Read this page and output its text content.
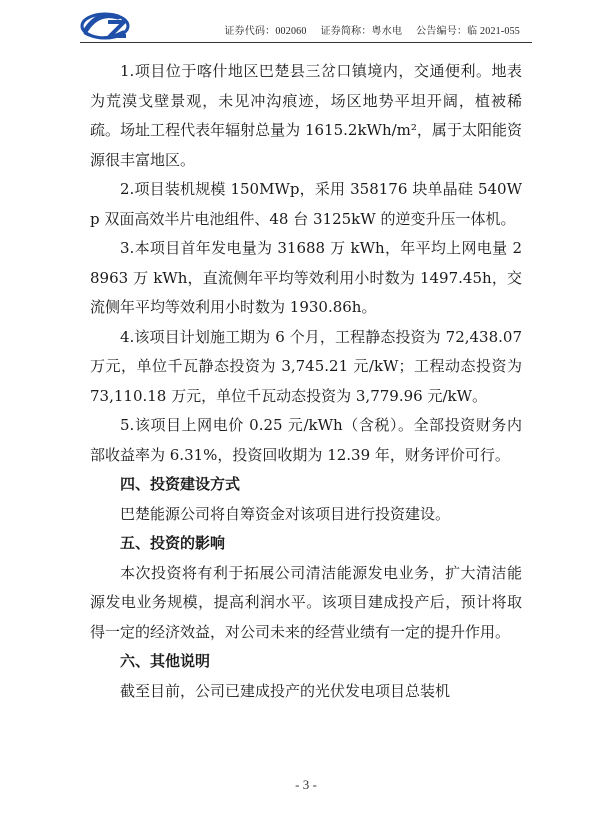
证券代码：002060 证券简称：粤水电 公告编号：临 2021-055

1.项目位于喀什地区巴楚县三岔口镇境内，交通便利。地表为荒漠戈壁景观，未见冲沟痕迹，场区地势平坦开阔，植被稀疏。场址工程代表年辐射总量为 1615.2kWh/m²，属于太阳能资源很丰富地区。

2.项目装机规模 150MWp，采用 358176 块单晶硅 540Wp 双面高效半片电池组件、48 台 3125kW 的逆变升压一体机。

3.本项目首年发电量为 31688 万 kWh，年平均上网电量 28963 万 kWh，直流侧年平均等效利用小时数为 1497.45h，交流侧年平均等效利用小时数为 1930.86h。

4.该项目计划施工期为 6 个月，工程静态投资为 72,438.07 万元，单位千瓦静态投资为 3,745.21 元/kW；工程动态投资为 73,110.18 万元，单位千瓦动态投资为 3,779.96 元/kW。

5.该项目上网电价 0.25 元/kWh（含税）。全部投资财务内部收益率为 6.31%，投资回收期为 12.39 年，财务评价可行。

四、投资建设方式

巴楚能源公司将自筹资金对该项目进行投资建设。

五、投资的影响

本次投资将有利于拓展公司清洁能源发电业务，扩大清洁能源发电业务规模，提高利润水平。该项目建成投产后，预计将取得一定的经济效益，对公司未来的经营业绩有一定的提升作用。

六、其他说明

截至目前，公司已建成投产的光伏发电项目总装机

- 3 -
